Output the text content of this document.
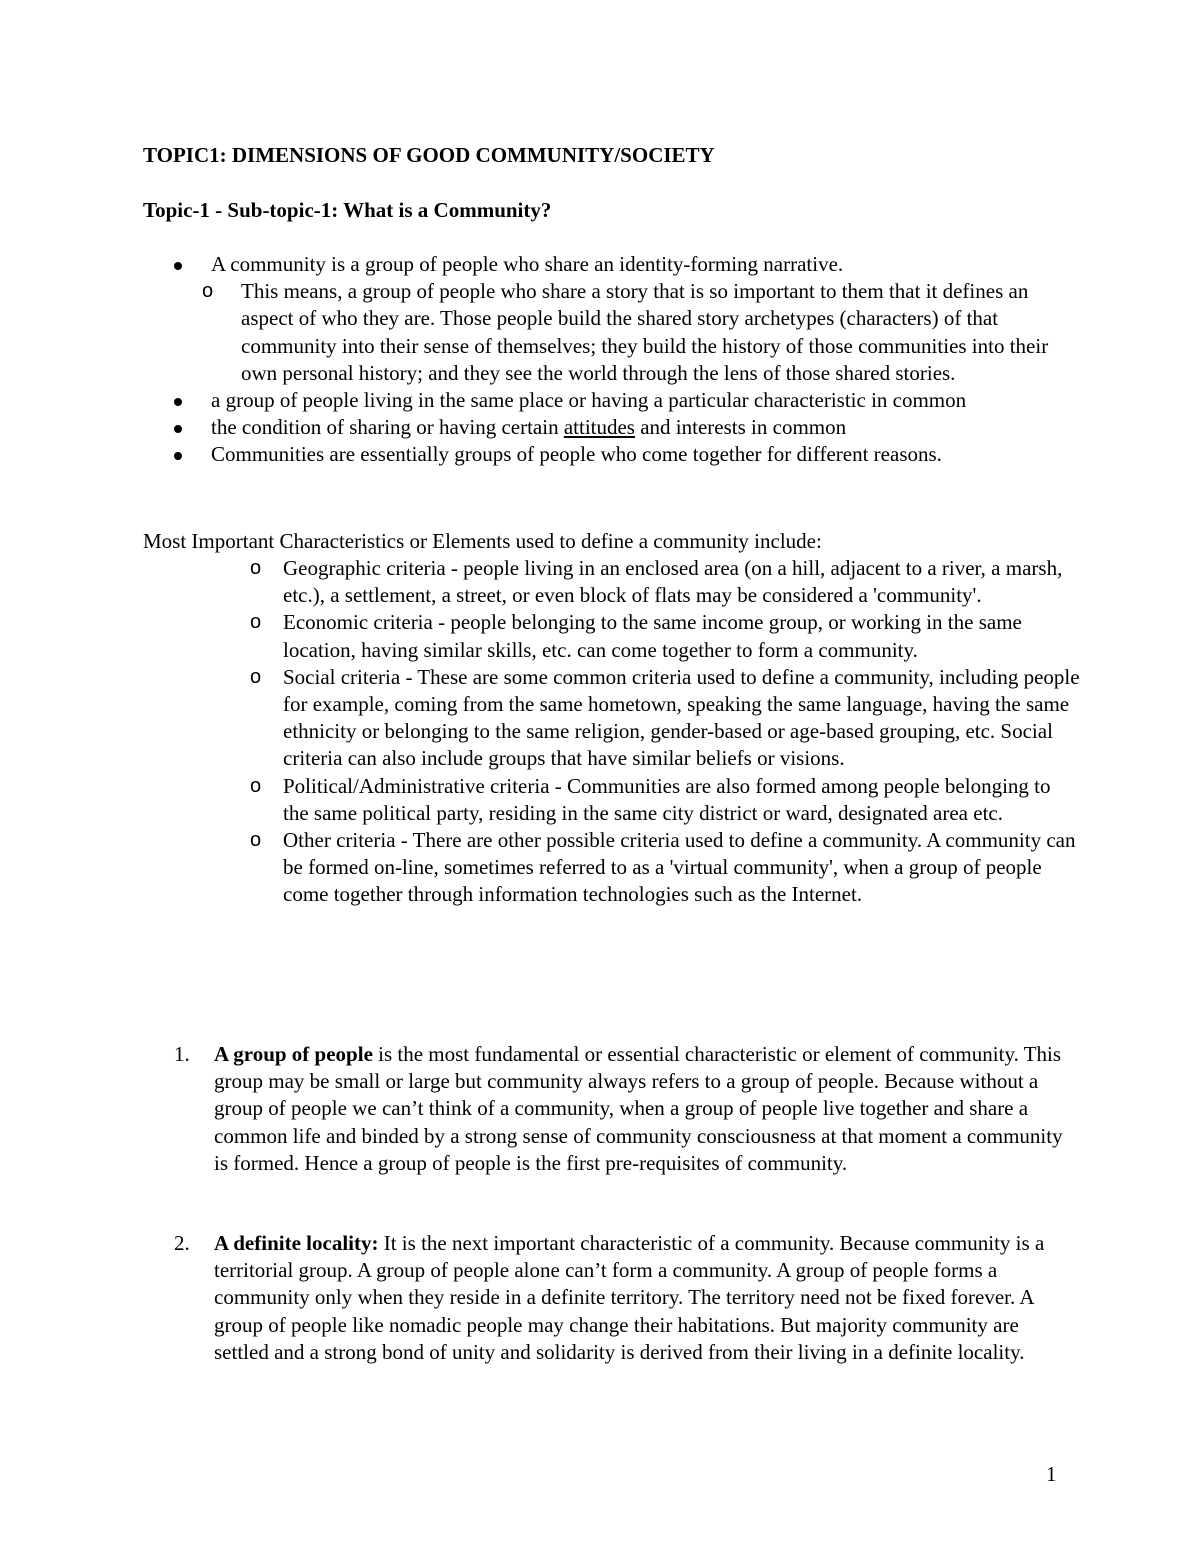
TOPIC1: DIMENSIONS OF GOOD COMMUNITY/SOCIETY
Topic-1 - Sub-topic-1: What is a Community?
A community is a group of people who share an identity-forming narrative.
o This means, a group of people who share a story that is so important to them that it defines an aspect of who they are. Those people build the shared story archetypes (characters) of that community into their sense of themselves; they build the history of those communities into their own personal history; and they see the world through the lens of those shared stories.
a group of people living in the same place or having a particular characteristic in common
the condition of sharing or having certain attitudes and interests in common
Communities are essentially groups of people who come together for different reasons.

Most Important Characteristics or Elements used to define a community include:

o Geographic criteria - people living in an enclosed area (on a hill, adjacent to a river, a marsh, etc.), a settlement, a street, or even block of flats may be considered a 'community'.
o Economic criteria - people belonging to the same income group, or working in the same location, having similar skills, etc. can come together to form a community.
o Social criteria - These are some common criteria used to define a community, including people for example, coming from the same hometown, speaking the same language, having the same ethnicity or belonging to the same religion, gender-based or age-based grouping, etc. Social criteria can also include groups that have similar beliefs or visions.
o Political/Administrative criteria - Communities are also formed among people belonging to the same political party, residing in the same city district or ward, designated area etc.
o Other criteria - There are other possible criteria used to define a community. A community can be formed on-line, sometimes referred to as a 'virtual community', when a group of people come together through information technologies such as the Internet.
1. A group of people is the most fundamental or essential characteristic or element of community. This group may be small or large but community always refers to a group of people. Because without a group of people we can’t think of a community, when a group of people live together and share a common life and binded by a strong sense of community consciousness at that moment a community is formed. Hence a group of people is the first pre-requisites of community.
2. A definite locality: It is the next important characteristic of a community. Because community is a territorial group. A group of people alone can’t form a community. A group of people forms a community only when they reside in a definite territory. The territory need not be fixed forever. A group of people like nomadic people may change their habitations. But majority community are settled and a strong bond of unity and solidarity is derived from their living in a definite locality.
1
